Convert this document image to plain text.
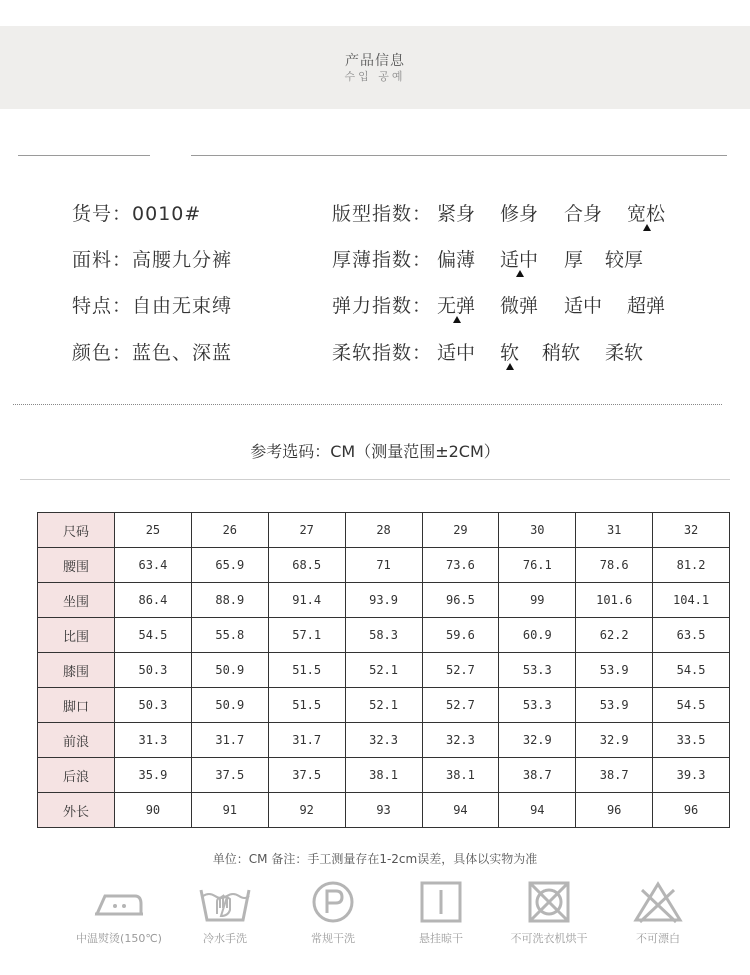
产品信息
수입 공예
货号：0010#
面料：高腰九分裤
特点：自由无束缚
颜色：蓝色、深蓝
版型指数： 紧身 修身 合身 宽松
厚薄指数： 偏薄 适中 厚 较厚
弹力指数： 无弹 微弹 适中 超弹
柔软指数： 适中 软 稍软 柔软
参考选码：CM（测量范围±2CM）
尺码	25	26	27	28	29	30	31	32
腰围	63.4	65.9	68.5	71	73.6	76.1	78.6	81.2
坐围	86.4	88.9	91.4	93.9	96.5	99	101.6	104.1
比围	54.5	55.8	57.1	58.3	59.6	60.9	62.2	63.5
膝围	50.3	50.9	51.5	52.1	52.7	53.3	53.9	54.5
脚口	50.3	50.9	51.5	52.1	52.7	53.3	53.9	54.5
前浪	31.3	31.7	31.7	32.3	32.3	32.9	32.9	33.5
后浪	35.9	37.5	37.5	38.1	38.1	38.7	38.7	39.3
外长	90	91	92	93	94	94	96	96
单位：CM 备注：手工测量存在1-2cm误差，具体以实物为准
中温熨烫(150℃)	冷水手洗	常规干洗	悬挂晾干	不可洗衣机烘干	不可漂白
